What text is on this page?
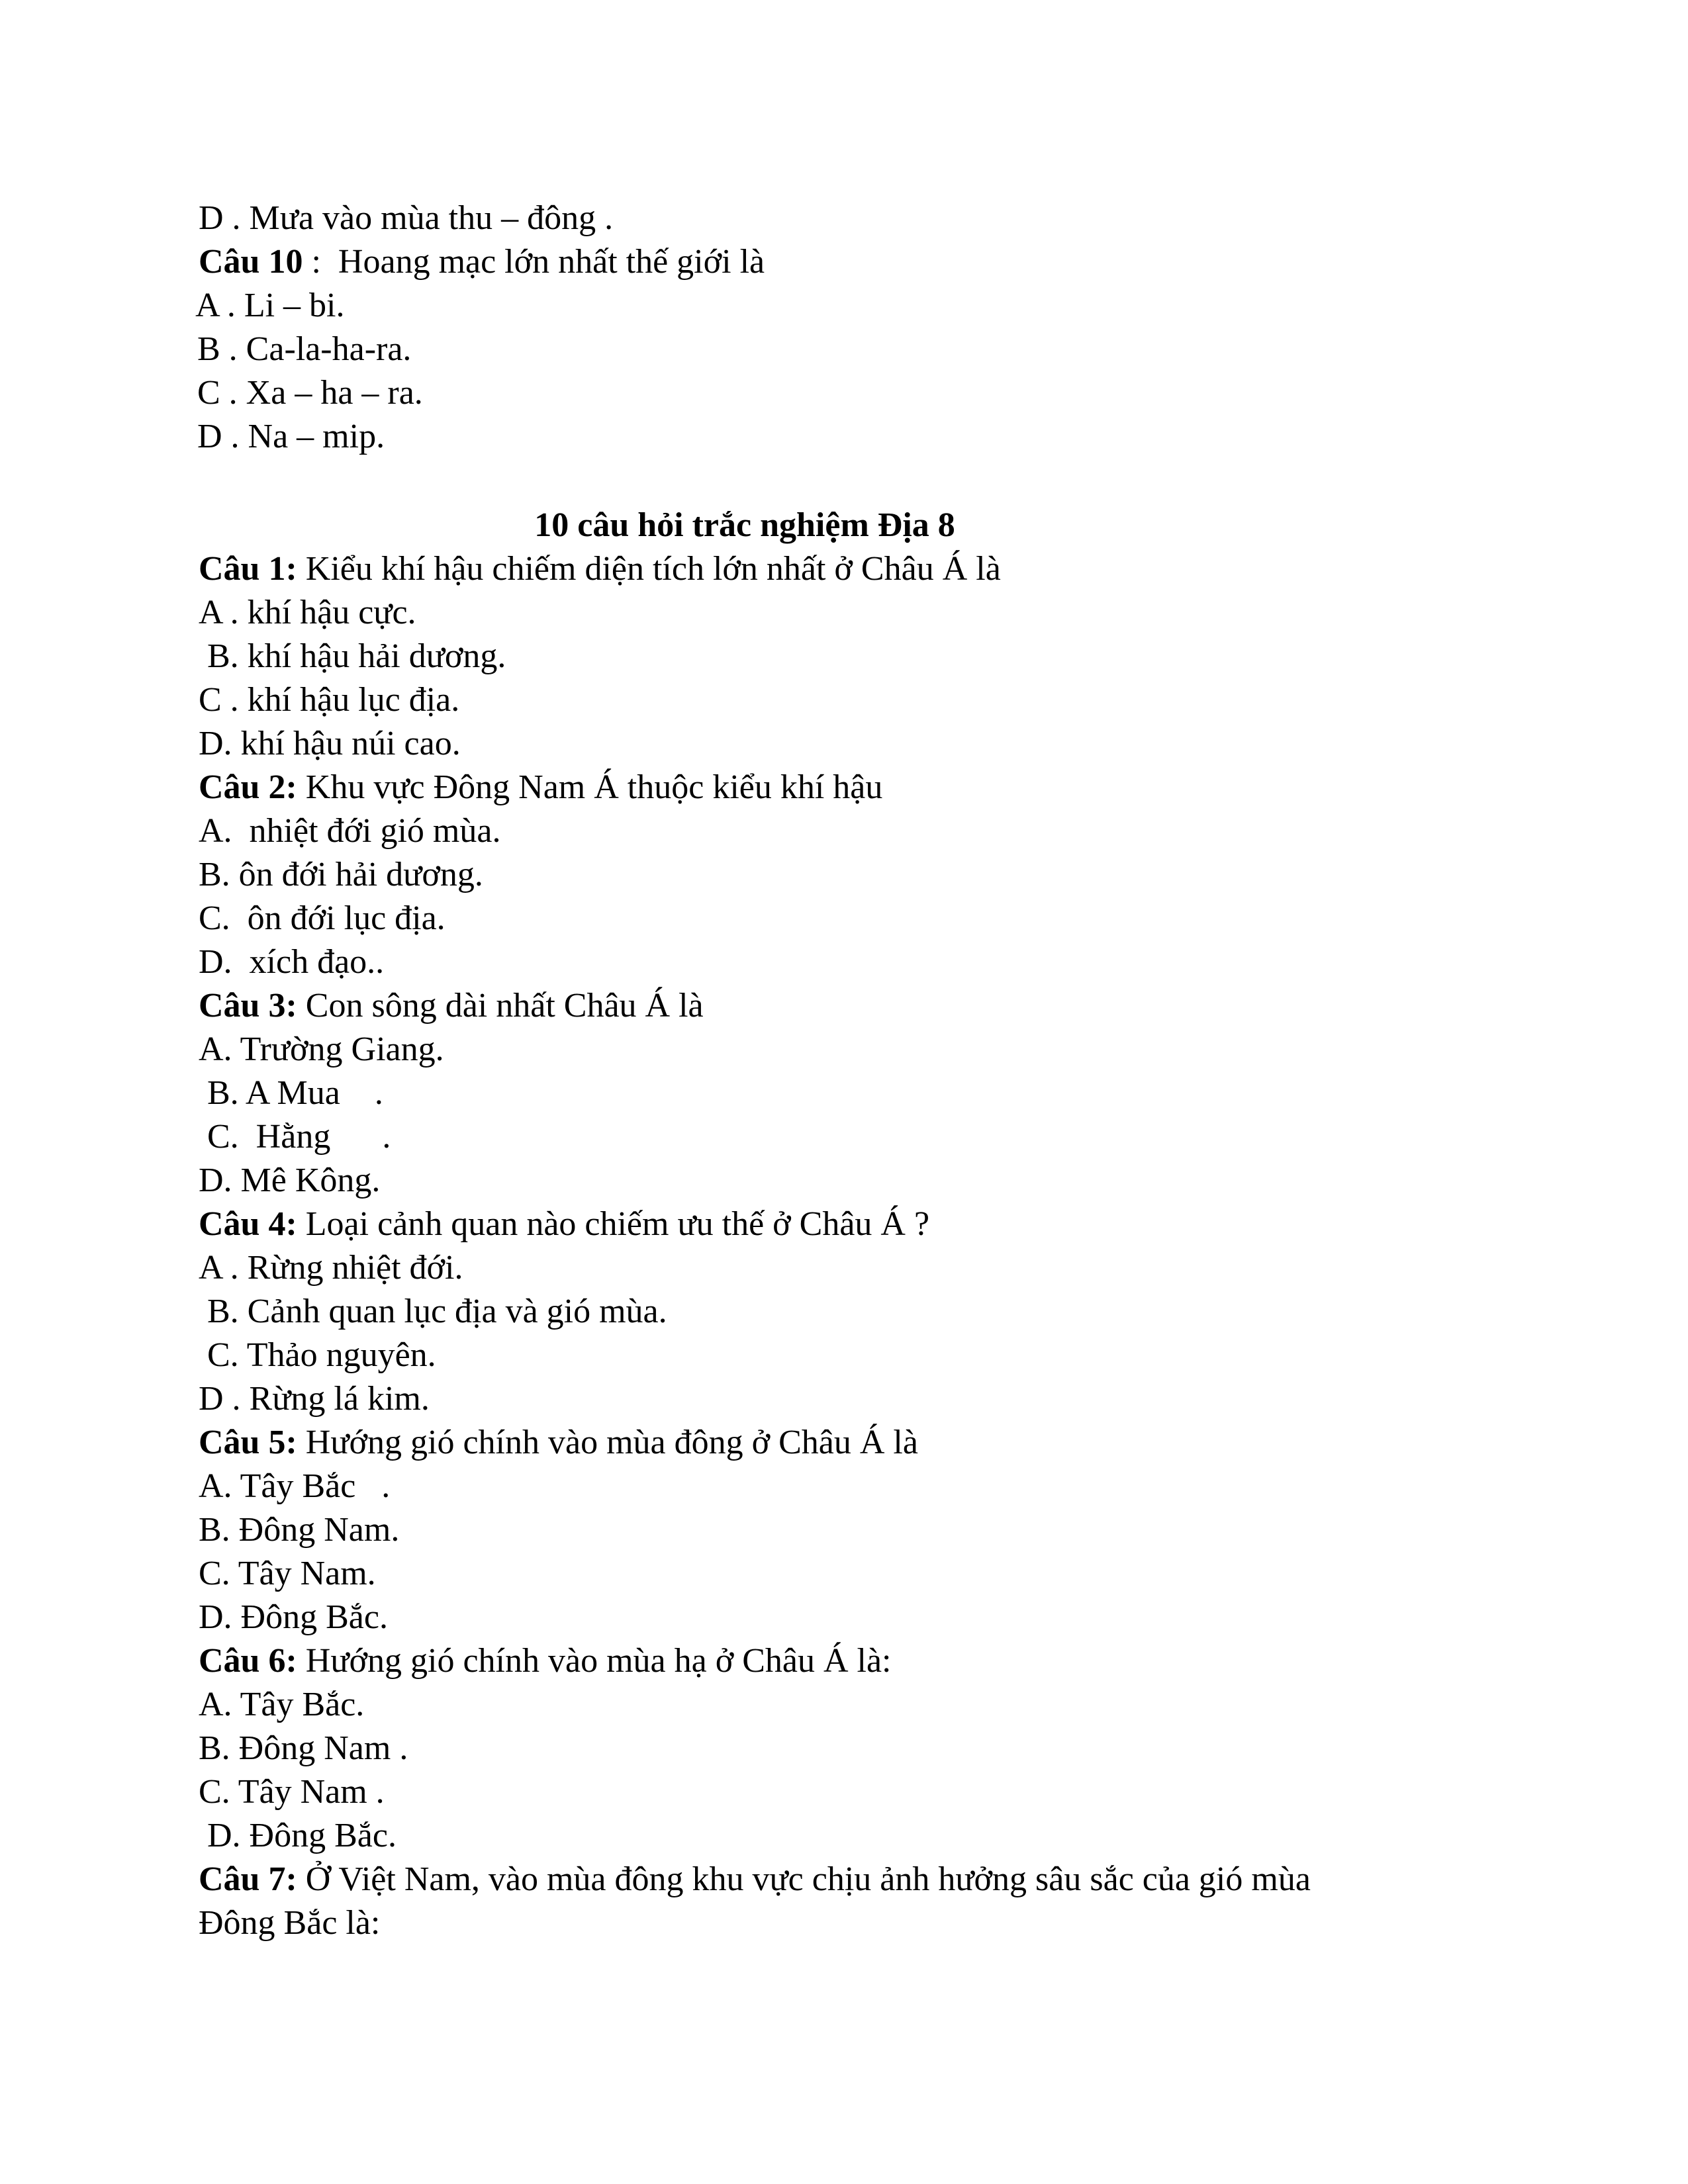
D . Mưa vào mùa thu – đông .
Câu 10 :  Hoang mạc lớn nhất thế giới là
A . Li – bi.
B . Ca-la-ha-ra.
C . Xa – ha – ra.
D . Na – mip.
10 câu hỏi trắc nghiệm Địa 8
Câu 1: Kiểu khí hậu chiếm diện tích lớn nhất ở Châu Á là
A . khí hậu cực.
B. khí hậu hải dương.
C . khí hậu lục địa.
D. khí hậu núi cao.
Câu 2: Khu vực Đông Nam Á thuộc kiểu khí hậu
A.  nhiệt đới gió mùa.
B. ôn đới hải dương.
C.  ôn đới lục địa.
D.  xích đạo..
Câu 3: Con sông dài nhất Châu Á là
A. Trường Giang.
B. A Mua    .
C.  Hằng      .
D. Mê Kông.
Câu 4: Loại cảnh quan nào chiếm ưu thế ở Châu Á ?
A . Rừng nhiệt đới.
B. Cảnh quan lục địa và gió mùa.
C. Thảo nguyên.
D . Rừng lá kim.
Câu 5: Hướng gió chính vào mùa đông ở Châu Á là
A. Tây Bắc   .
B. Đông Nam.
C. Tây Nam.
D. Đông Bắc.
Câu 6: Hướng gió chính vào mùa hạ ở Châu Á là:
A. Tây Bắc.
B. Đông Nam .
C. Tây Nam .
D. Đông Bắc.
Câu 7: Ở Việt Nam, vào mùa đông khu vực chịu ảnh hưởng sâu sắc của gió mùa
Đông Bắc là:
